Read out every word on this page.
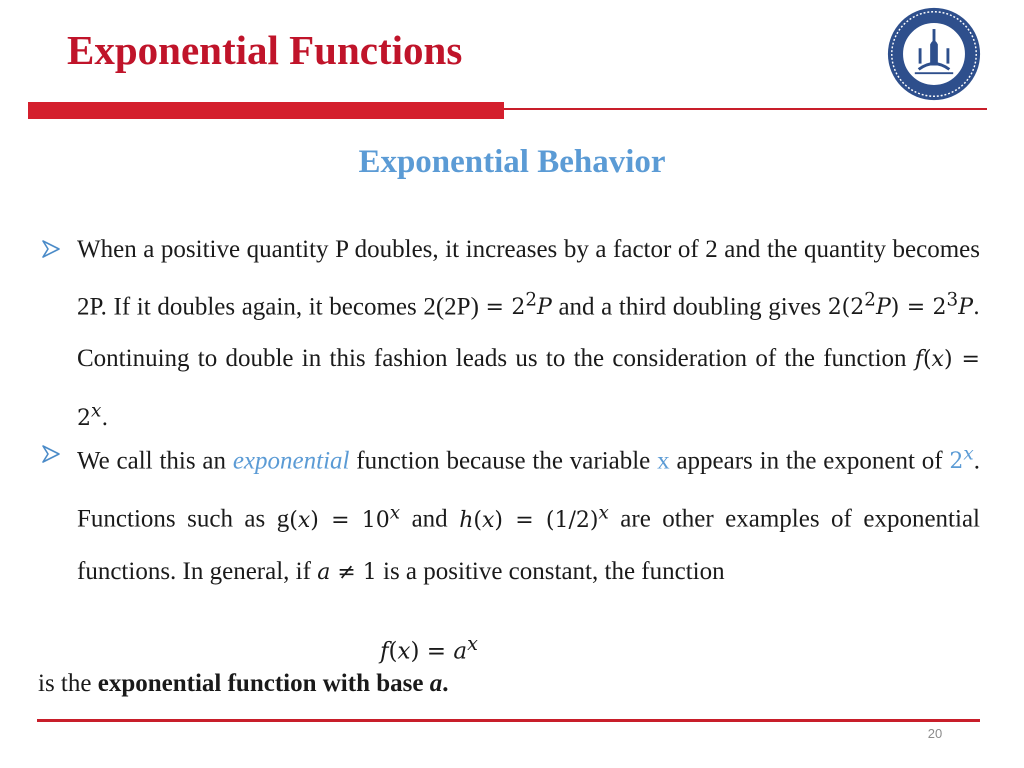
Exponential Functions
Exponential Behavior
When a positive quantity P doubles, it increases by a factor of 2 and the quantity becomes 2P. If it doubles again, it becomes $2(2P) = 2^2P$ and a third doubling gives $2(2^2P) = 2^3P$. Continuing to double in this fashion leads us to the consideration of the function $f(x) = 2^x$.
We call this an exponential function because the variable x appears in the exponent of 2$^x$. Functions such as $g(x) = 10^x$ and $h(x) = (1/2)^x$ are other examples of exponential functions. In general, if a ≠ 1 is a positive constant, the function
$f(x) = a^x$
is the exponential function with base a.
20
